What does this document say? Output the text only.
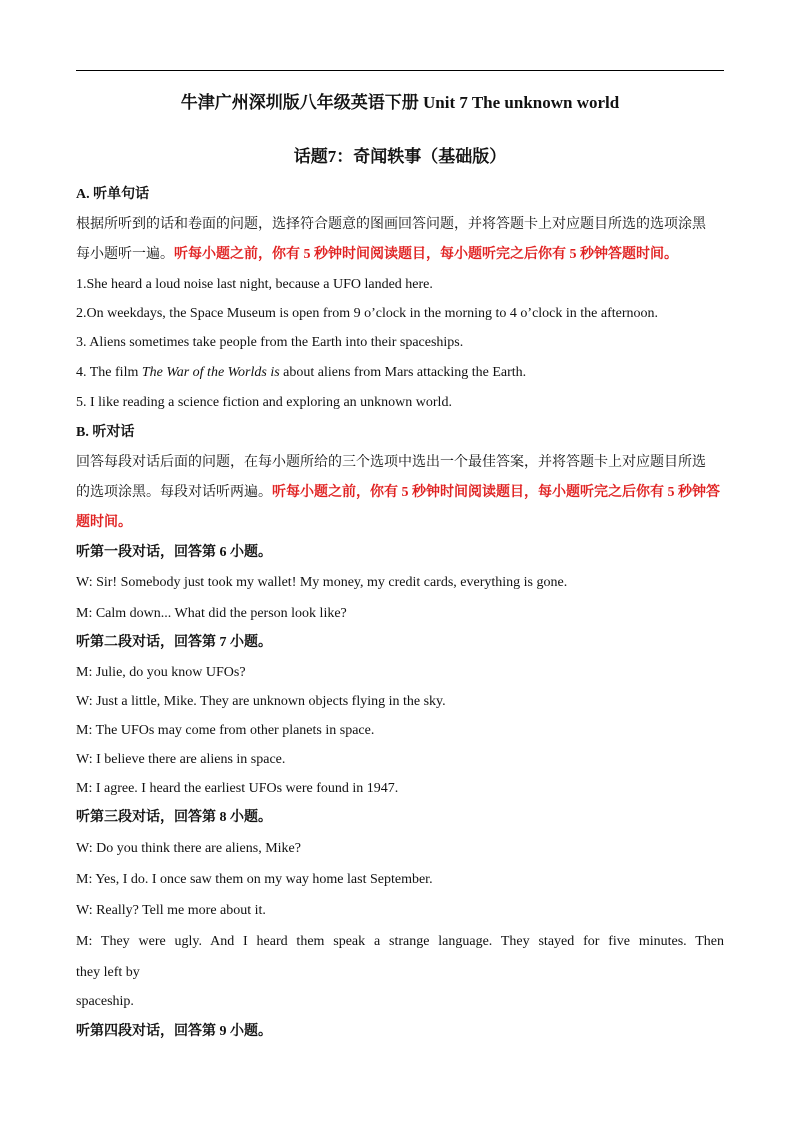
牛津广州深圳版八年级英语下册 Unit 7 The unknown world
话题7：奇闻轶事（基础版）
A. 听单句话
根据所听到的话和卷面的问题，选择符合题意的图画回答问题，并将答题卡上对应题目所选的选项涂黑
每小题听一遍。听每小题之前，你有 5 秒钟时间阅读题目，每小题听完之后你有 5 秒钟答题时间。
1.She heard a loud noise last night, because a UFO landed here.
2.On weekdays, the Space Museum is open from 9 o’clock in the morning to 4 o’clock in the afternoon.
3. Aliens sometimes take people from the Earth into their spaceships.
4. The film The War of the Worlds is about aliens from Mars attacking the Earth.
5. I like reading a science fiction and exploring an unknown world.
B. 听对话
回答每段对话后面的问题，在每小题所给的三个选项中选出一个最佳答案，并将答题卡上对应题目所选
的选项涂黑。每段对话听两遍。听每小题之前，你有 5 秒钟时间阅读题目，每小题听完之后你有 5 秒钟答
题时间。
听第一段对话，回答第 6 小题。
W: Sir! Somebody just took my wallet! My money, my credit cards, everything is gone.
M: Calm down... What did the person look like?
听第二段对话，回答第 7 小题。
M: Julie, do you know UFOs?
W: Just a little, Mike. They are unknown objects flying in the sky.
M: The UFOs may come from other planets in space.
W: I believe there are aliens in space.
M: I agree. I heard the earliest UFOs were found in 1947.
听第三段对话，回答第 8 小题。
W: Do you think there are aliens, Mike?
M: Yes, I do. I once saw them on my way home last September.
W: Really? Tell me more about it.
M: They were ugly. And I heard them speak a strange language. They stayed for five minutes. Then
they left by
spaceship.
听第四段对话，回答第 9 小题。
